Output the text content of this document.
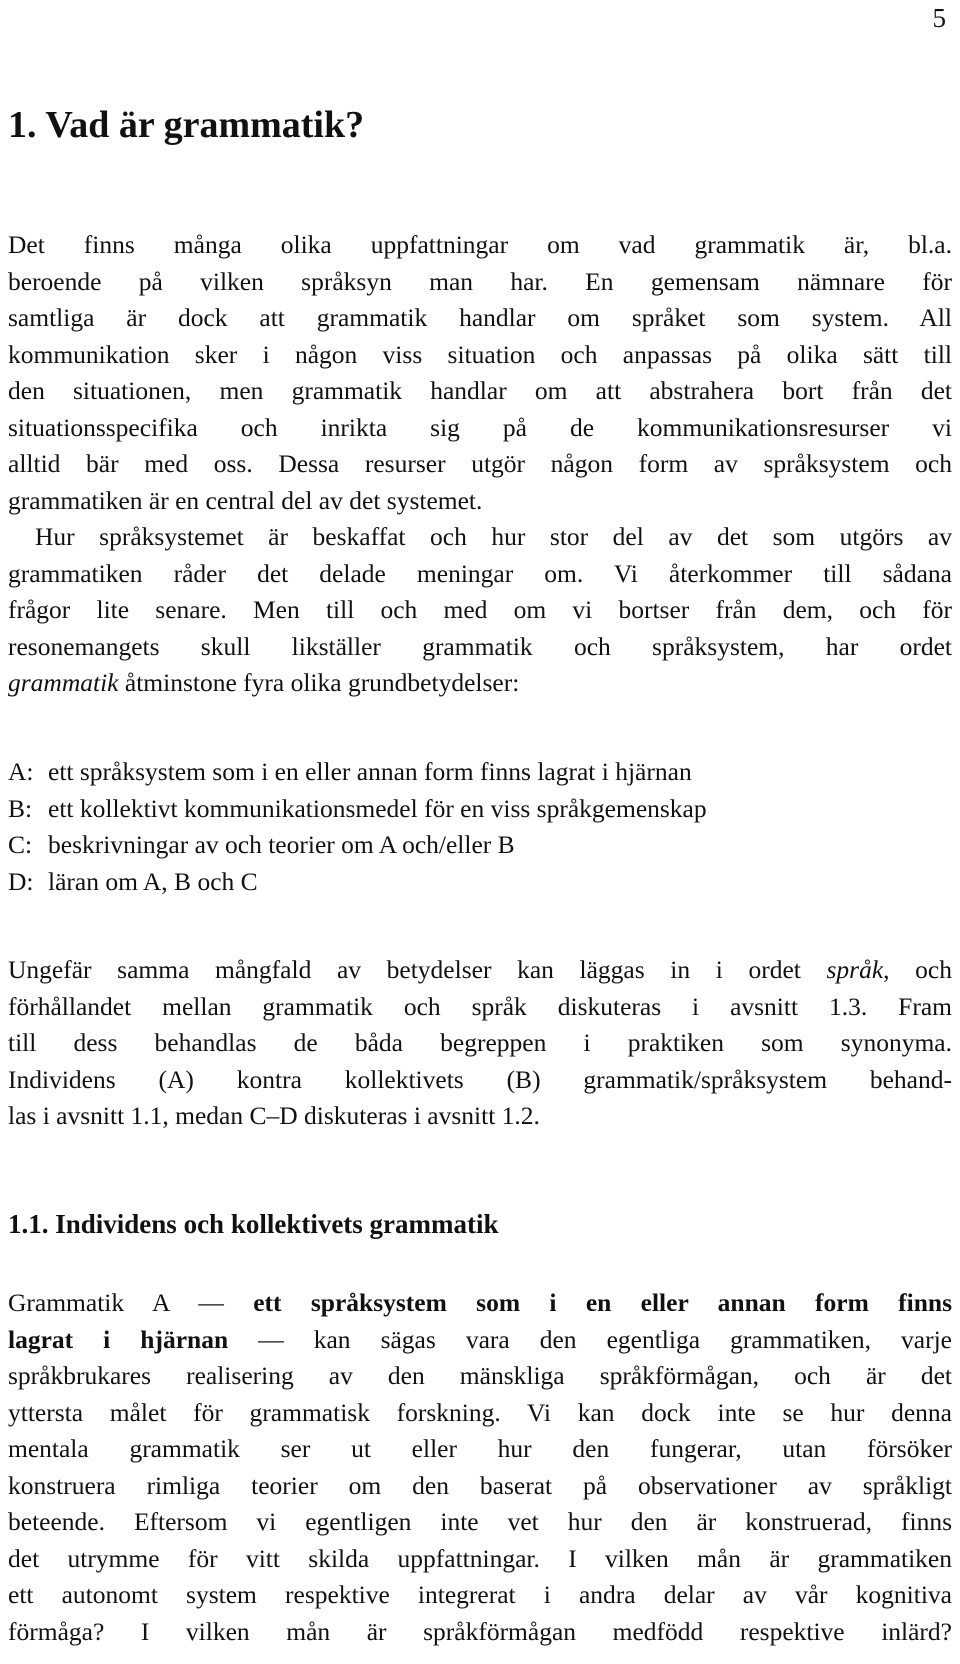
5
1. Vad är grammatik?
Det finns många olika uppfattningar om vad grammatik är, bl.a.
beroende på vilken språksyn man har. En gemensam nämnare för
samtliga är dock att grammatik handlar om språket som system. All
kommunikation sker i någon viss situation och anpassas på olika sätt till
den situationen, men grammatik handlar om att abstrahera bort från det
situationsspecifika och inrikta sig på de kommunikationsresurser vi
alltid bär med oss. Dessa resurser utgör någon form av språksystem och
grammatiken är en central del av det systemet.
Hur språksystemet är beskaffat och hur stor del av det som utgörs av
grammatiken råder det delade meningar om. Vi återkommer till sådana
frågor lite senare. Men till och med om vi bortser från dem, och för
resonemangets skull likställer grammatik och språksystem, har ordet
grammatik åtminstone fyra olika grundbetydelser:
A: ett språksystem som i en eller annan form finns lagrat i hjärnan
B: ett kollektivt kommunikationsmedel för en viss språkgemenskap
C: beskrivningar av och teorier om A och/eller B
D: läran om A, B och C
Ungefär samma mångfald av betydelser kan läggas in i ordet språk, och
förhållandet mellan grammatik och språk diskuteras i avsnitt 1.3. Fram
till dess behandlas de båda begreppen i praktiken som synonyma.
Individens (A) kontra kollektivets (B) grammatik/språksystem behand-
las i avsnitt 1.1, medan C–D diskuteras i avsnitt 1.2.
1.1. Individens och kollektivets grammatik
Grammatik A — ett språksystem som i en eller annan form finns
lagrat i hjärnan — kan sägas vara den egentliga grammatiken, varje
språkbrukares realisering av den mänskliga språkförmågan, och är det
yttersta målet för grammatisk forskning. Vi kan dock inte se hur denna
mentala grammatik ser ut eller hur den fungerar, utan försöker
konstruera rimliga teorier om den baserat på observationer av språkligt
beteende. Eftersom vi egentligen inte vet hur den är konstruerad, finns
det utrymme för vitt skilda uppfattningar. I vilken mån är grammatiken
ett autonomt system respektive integrerat i andra delar av vår kognitiva
förmåga? I vilken mån är språkförmågan medfödd respektive inlärd?
